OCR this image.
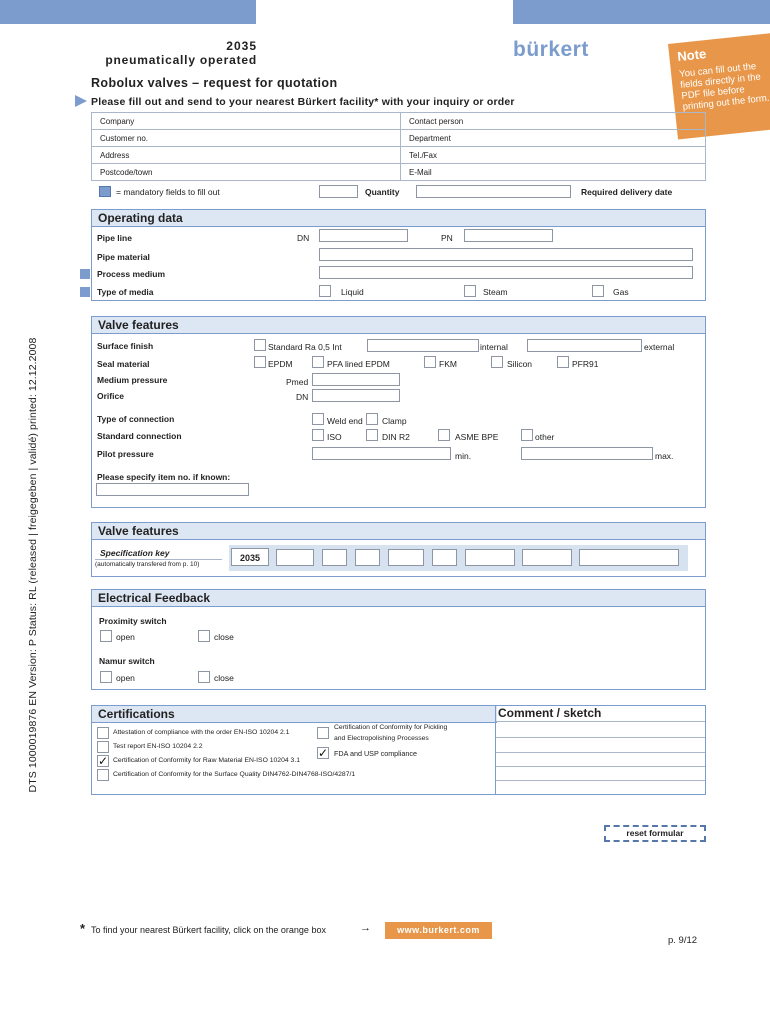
2035
pneumatically operated	bürkert	Note
You can fill out the fields directly in the PDF file before printing out the form.
Robolux valves – request for quotation
Please fill out and send to your nearest Bürkert facility* with your inquiry or order
Company	Contact person
Customer no.	Department
Address	Tel./Fax
Postcode/town	E-Mail
= mandatory fields to fill out	Quantity	Required delivery date
Operating data
Pipe line	DN	PN
Pipe material
Process medium
Type of media	Liquid	Steam	Gas
Valve features
Surface finish	Standard Ra 0,5 Int	internal	external
Seal material	EPDM	PFA lined EPDM	FKM	Silicon	PFR91
Medium pressure	Pmed
Orifice	DN
Type of connection	Weld end Clamp
Standard connection	ISO	DIN R2	ASME BPE	other
Pilot pressure	min.	max.
Please specify item no. if known:
Valve features
Specification key
(automatically transfered from p. 10)
2035
Electrical Feedback
Proximity switch
open	close
Namur switch
open	close
Certifications	Comment / sketch
Attestation of compliance with the order EN-ISO 10204 2.1
Test report EN-ISO 10204 2.2
✓ Certification of Conformity for Raw Material EN-ISO 10204 3.1
Certification of Conformity for the Surface Quality DIN4762-DIN4768-ISO/4287/1
Certification of Conformity for Pickling
and Electropolishing Processes
✓ FDA and USP compliance
DTS 1000019876 EN Version: P Status: RL (released | freigegeben | validé) printed: 12.12.2008
reset formular
* To find your nearest Bürkert facility, click on the orange box	→	www.burkert.com
p. 9/12
